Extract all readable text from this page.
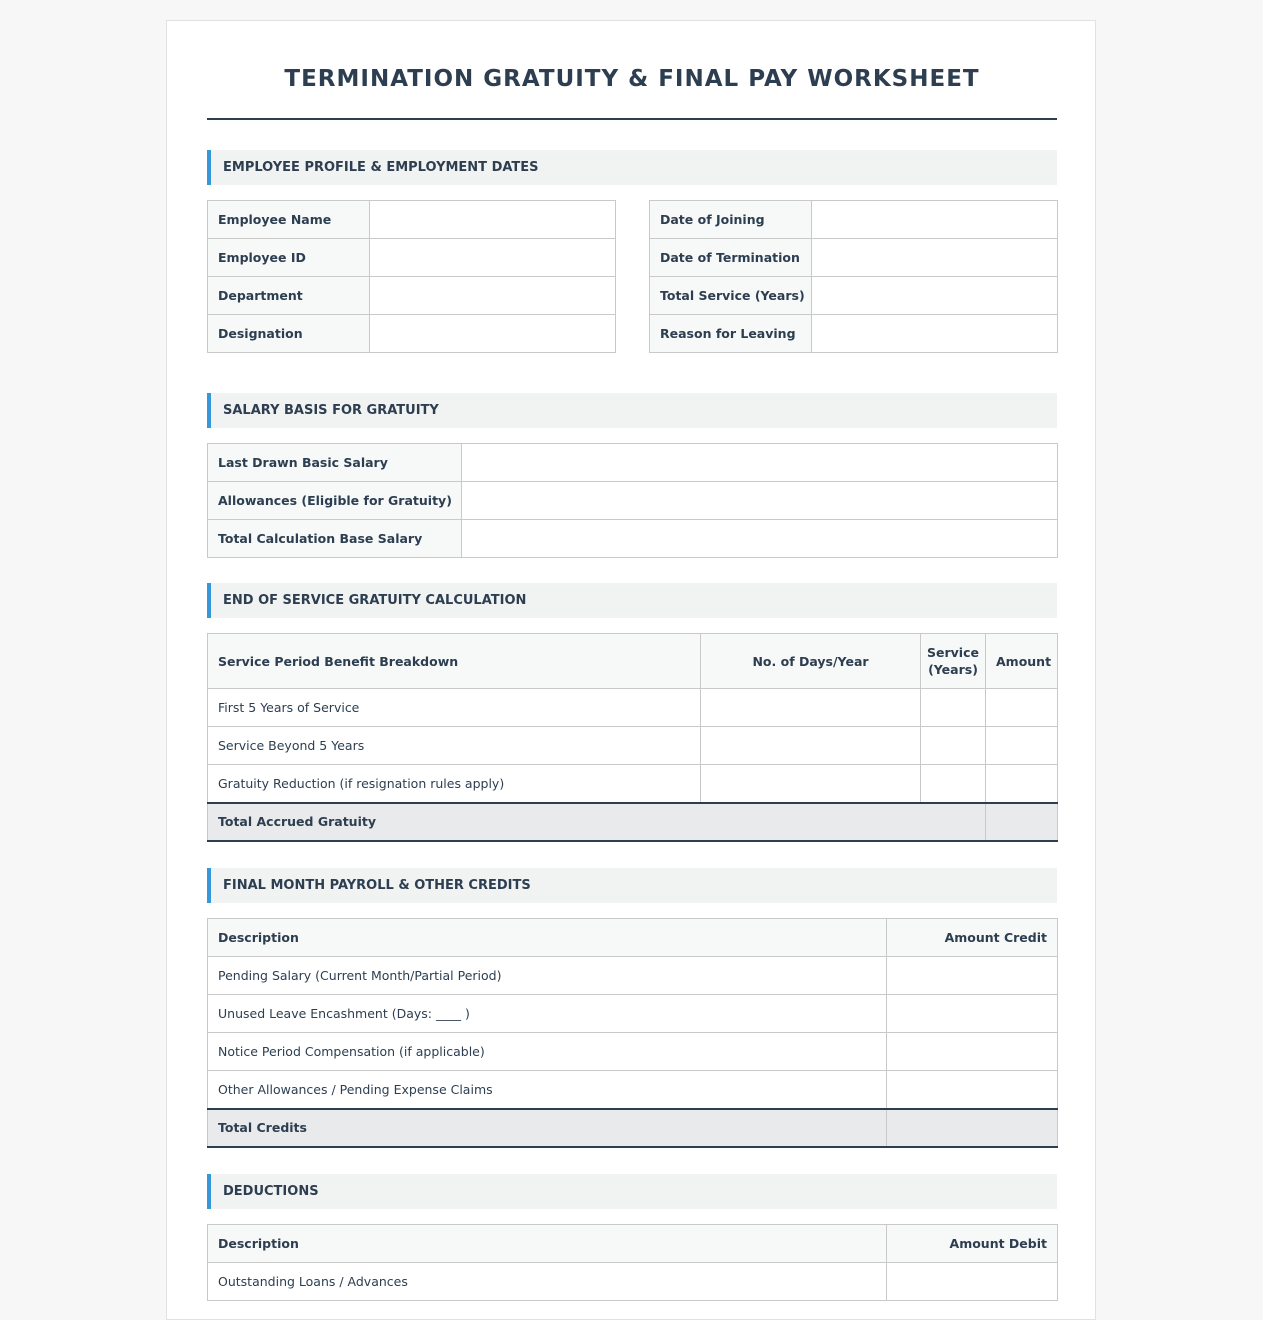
TERMINATION GRATUITY & FINAL PAY WORKSHEET
EMPLOYEE PROFILE & EMPLOYMENT DATES
Employee Name	
Employee ID	
Department	
Designation	
Date of Joining	
Date of Termination	
Total Service (Years)	
Reason for Leaving	
SALARY BASIS FOR GRATUITY
Last Drawn Basic Salary	
Allowances (Eligible for Gratuity)	
Total Calculation Base Salary	
END OF SERVICE GRATUITY CALCULATION
Service Period Benefit Breakdown	No. of Days/Year	Service (Years)	Amount
First 5 Years of Service			
Service Beyond 5 Years			
Gratuity Reduction (if resignation rules apply)			
Total Accrued Gratuity			
FINAL MONTH PAYROLL & OTHER CREDITS
Description	Amount Credit
Pending Salary (Current Month/Partial Period)	
Unused Leave Encashment (Days: ____ )	
Notice Period Compensation (if applicable)	
Other Allowances / Pending Expense Claims	
Total Credits	
DEDUCTIONS
Description	Amount Debit
Outstanding Loans / Advances	
